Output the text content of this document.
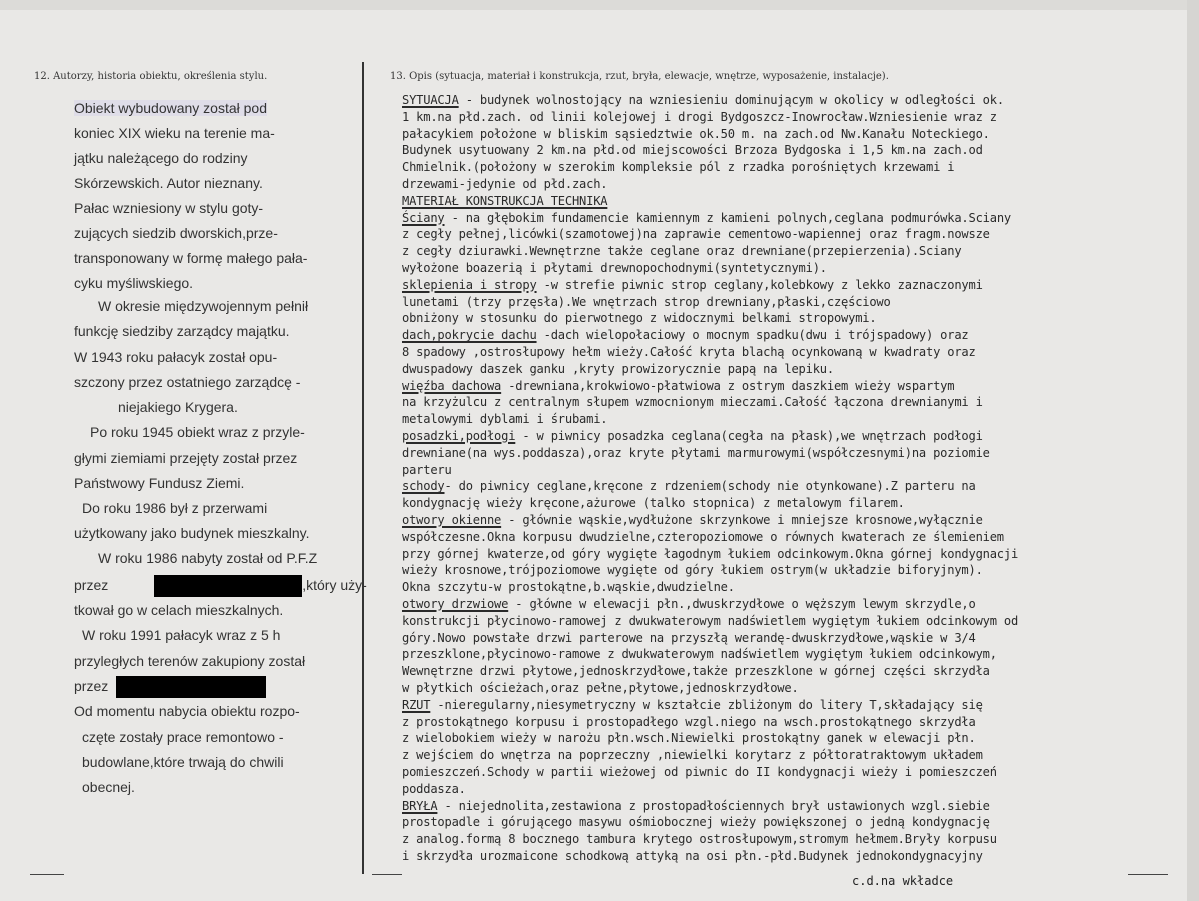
12. Autorzy, historia obiektu, określenia stylu.	13. Opis (sytuacja, materiał i konstrukcja, rzut, bryła, elewacje, wnętrze, wyposażenie, instalacje).
Obiekt wybudowany został pod
koniec XIX wieku na terenie ma-
jątku należącego do rodziny
Skórzewskich. Autor nieznany.
Pałac wzniesiony w stylu goty-
zujących siedzib dworskich,prze-
transponowany w formę małego pała-
cyku myśliwskiego.
W okresie międzywojennym pełnił
funkcję siedziby zarządcy majątku.
W 1943 roku pałacyk został opu-
szczony przez ostatniego zarządcę -
niejakiego Krygera.
Po roku 1945 obiekt wraz z przyle-
głymi ziemiami przejęty został przez
Państwowy Fundusz Ziemi.
Do roku 1986 był z przerwami
użytkowany jako budynek mieszkalny.
W roku 1986 nabyty został od P.F.Z
przez	,który uży-
tkował go w celach mieszkalnych.
W roku 1991 pałacyk wraz z 5 h
przyległych terenów zakupiony został
przez
Od momentu nabycia obiektu rozpo-
częte zostały prace remontowo -
budowlane,które trwają do chwili
obecnej.
SYTUACJA - budynek wolnostojący na wzniesieniu dominującym w okolicy w odległości ok.
1 km.na płd.zach. od linii kolejowej i drogi Bydgoszcz-Inowrocław.Wzniesienie wraz z
pałacykiem położone w bliskim sąsiedztwie ok.50 m. na zach.od Nw.Kanału Noteckiego.
Budynek usytuowany 2 km.na płd.od miejscowości Brzoza Bydgoska i 1,5 km.na zach.od
Chmielnik.(położony w szerokim kompleksie pól z rzadka porośniętych krzewami i
drzewami-jedynie od płd.zach.
MATERIAŁ KONSTRUKCJA TECHNIKA
Ściany - na głębokim fundamencie kamiennym z kamieni polnych,ceglana podmurówka.Sciany
z cegły pełnej,licówki(szamotowej)na zaprawie cementowo-wapiennej oraz fragm.nowsze
z cegły dziurawki.Wewnętrzne także ceglane oraz drewniane(przepierzenia).Sciany
wyłożone boazerią i płytami drewnopochodnymi(syntetycznymi).
sklepienia i stropy -w strefie piwnic strop ceglany,kolebkowy z lekko zaznaczonymi
lunetami (trzy przęsła).We wnętrzach strop drewniany,płaski,częściowo
obniżony w stosunku do pierwotnego z widocznymi belkami stropowymi.
dach,pokrycie dachu -dach wielopołaciowy o mocnym spadku(dwu i trójspadowy) oraz
8 spadowy ,ostrosłupowy hełm wieży.Całość kryta blachą ocynkowaną w kwadraty oraz
dwuspadowy daszek ganku ,kryty prowizorycznie papą na lepiku.
więźba dachowa -drewniana,krokwiowo-płatwiowa z ostrym daszkiem wieży wspartym
na krzyżulcu z centralnym słupem wzmocnionym mieczami.Całość łączona drewnianymi i
metalowymi dyblami i śrubami.
posadzki,podłogi - w piwnicy posadzka ceglana(cegła na płask),we wnętrzach podłogi
drewniane(na wys.poddasza),oraz kryte płytami marmurowymi(współczesnymi)na poziomie
parteru
schody- do piwnicy ceglane,kręcone z rdzeniem(schody nie otynkowane).Z parteru na
kondygnację wieży kręcone,ażurowe (talko stopnica) z metalowym filarem.
otwory okienne - głównie wąskie,wydłużone skrzynkowe i mniejsze krosnowe,wyłącznie
współczesne.Okna korpusu dwudzielne,czteropoziomowe o równych kwaterach ze ślemieniem
przy górnej kwaterze,od góry wygięte łagodnym łukiem odcinkowym.Okna górnej kondygnacji
wieży krosnowe,trójpoziomowe wygięte od góry łukiem ostrym(w układzie biforyjnym).
Okna szczytu-w prostokątne,b.wąskie,dwudzielne.
otwory drzwiowe - główne w elewacji płn.,dwuskrzydłowe o węższym lewym skrzydle,o
konstrukcji płycinowo-ramowej z dwukwaterowym nadświetlem wygiętym łukiem odcinkowym od
góry.Nowo powstałe drzwi parterowe na przyszłą werandę-dwuskrzydłowe,wąskie w 3/4
przeszklone,płycinowo-ramowe z dwukwaterowym nadświetlem wygiętym łukiem odcinkowym,
Wewnętrzne drzwi płytowe,jednoskrzydłowe,także przeszklone w górnej części skrzydła
w płytkich ościeżach,oraz pełne,płytowe,jednoskrzydłowe.
RZUT -nieregularny,niesymetryczny w kształcie zbliżonym do litery T,składający się
z prostokątnego korpusu i prostopadłego wzgl.niego na wsch.prostokątnego skrzydła
z wielobokiem wieży w narożu płn.wsch.Niewielki prostokątny ganek w elewacji płn.
z wejściem do wnętrza na poprzeczny ,niewielki korytarz z półtoratraktowym układem
pomieszczeń.Schody w partii wieżowej od piwnic do II kondygnacji wieży i pomieszczeń
poddasza.
BRYŁA - niejednolita,zestawiona z prostopadłościennych brył ustawionych wzgl.siebie
prostopadle i górującego masywu ośmiobocznej wieży powiększonej o jedną kondygnację
z analog.formą 8 bocznego tambura krytego ostrosłupowym,stromym hełmem.Bryły korpusu
i skrzydła urozmaicone schodkową attyką na osi płn.-płd.Budynek jednokondygnacyjny
c.d.na wkładce
